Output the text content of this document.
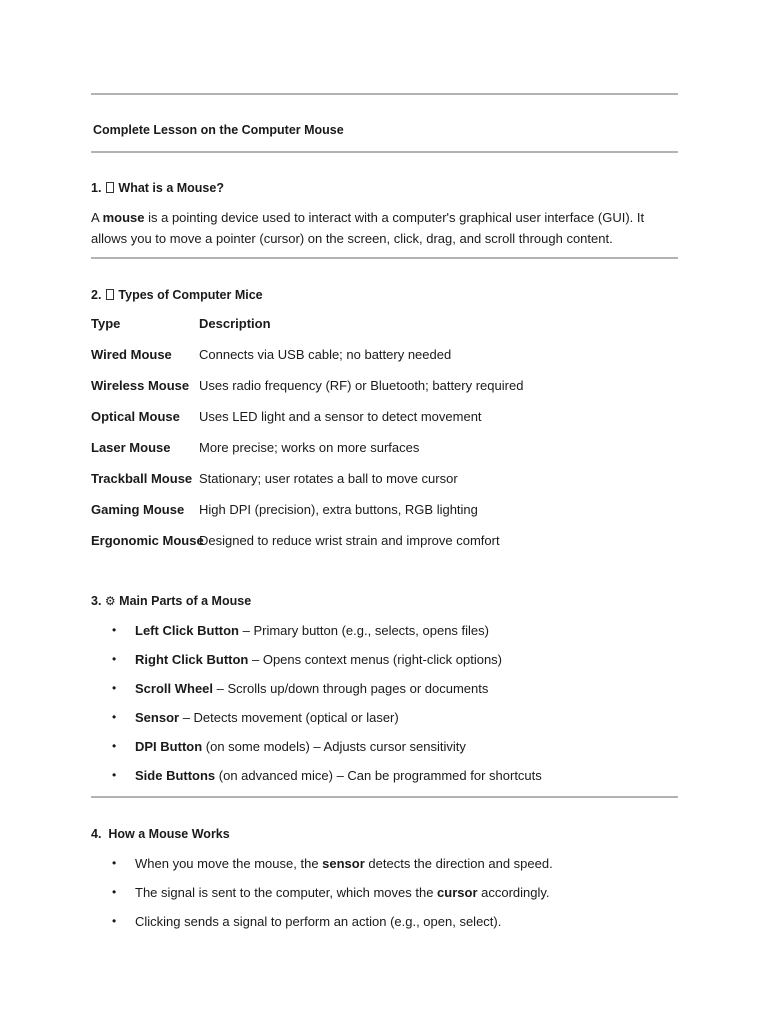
Complete Lesson on the Computer Mouse
1. What is a Mouse?
A mouse is a pointing device used to interact with a computer's graphical user interface (GUI). It allows you to move a pointer (cursor) on the screen, click, drag, and scroll through content.
2. Types of Computer Mice
Type	Description
Wired Mouse Connects via USB cable; no battery needed
Wireless Mouse Uses radio frequency (RF) or Bluetooth; battery required
Optical Mouse Uses LED light and a sensor to detect movement
Laser Mouse More precise; works on more surfaces
Trackball Mouse Stationary; user rotates a ball to move cursor
Gaming Mouse High DPI (precision), extra buttons, RGB lighting
Ergonomic Mouse
Designed to reduce wrist strain and improve comfort
3. ⚙ Main Parts of a Mouse
• Left Click Button – Primary button (e.g., selects, opens files)
• Right Click Button – Opens context menus (right-click options)
• Scroll Wheel – Scrolls up/down through pages or documents
• Sensor – Detects movement (optical or laser)
• DPI Button (on some models) – Adjusts cursor sensitivity
• Side Buttons (on advanced mice) – Can be programmed for shortcuts
4. How a Mouse Works
• When you move the mouse, the sensor detects the direction and speed.
• The signal is sent to the computer, which moves the cursor accordingly.
• Clicking sends a signal to perform an action (e.g., open, select).
